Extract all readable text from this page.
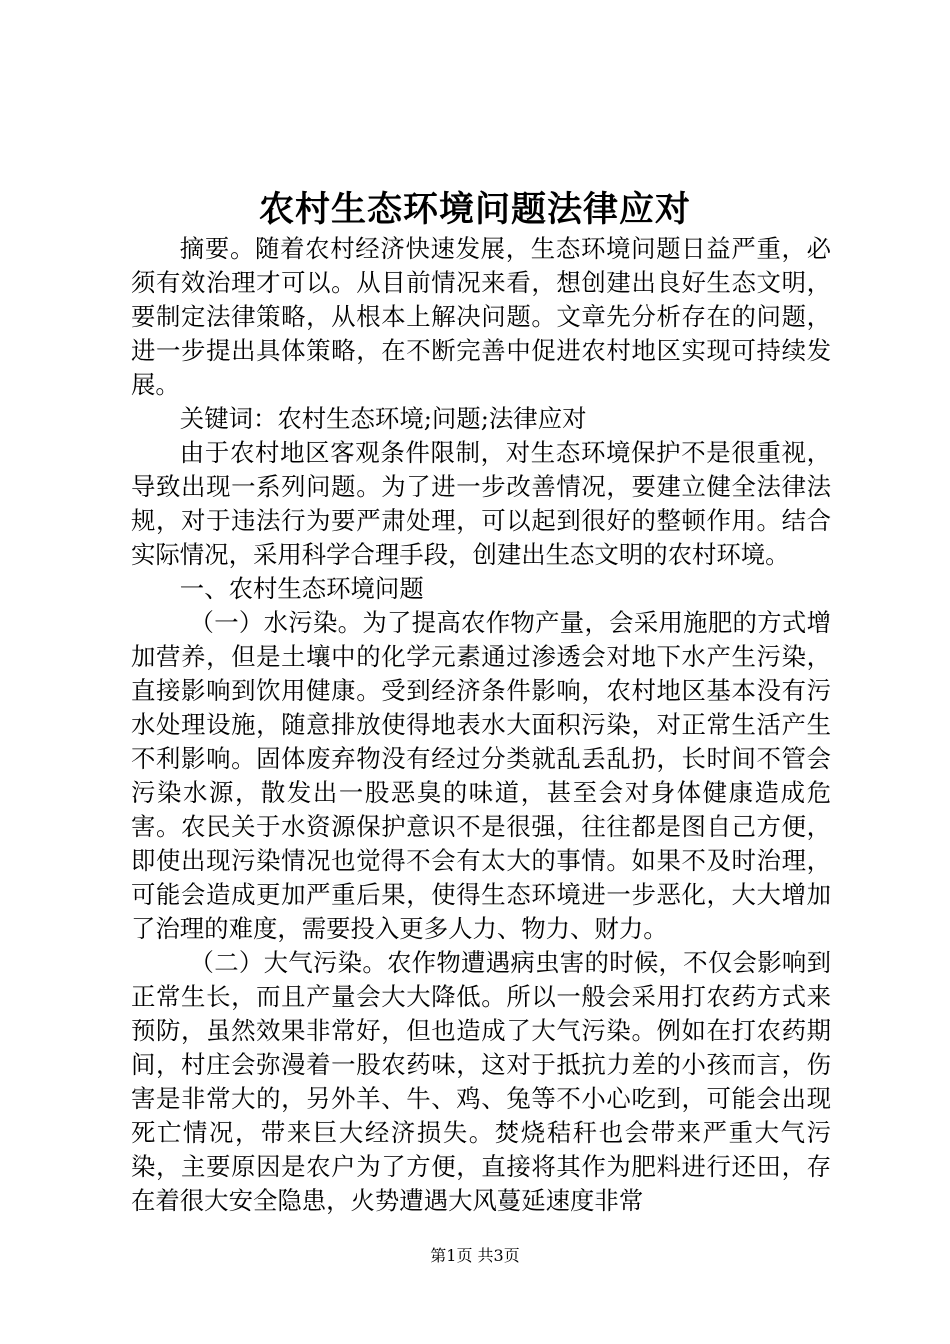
农村生态环境问题法律应对

摘要。随着农村经济快速发展，生态环境问题日益严重，必须有效治理才可以。从目前情况来看，想创建出良好生态文明，要制定法律策略，从根本上解决问题。文章先分析存在的问题，进一步提出具体策略，在不断完善中促进农村地区实现可持续发展。

关键词：农村生态环境;问题;法律应对

由于农村地区客观条件限制，对生态环境保护不是很重视，导致出现一系列问题。为了进一步改善情况，要建立健全法律法规，对于违法行为要严肃处理，可以起到很好的整顿作用。结合实际情况，采用科学合理手段，创建出生态文明的农村环境。

一、农村生态环境问题

（一）水污染。为了提高农作物产量，会采用施肥的方式增加营养，但是土壤中的化学元素通过渗透会对地下水产生污染，直接影响到饮用健康。受到经济条件影响，农村地区基本没有污水处理设施，随意排放使得地表水大面积污染，对正常生活产生不利影响。固体废弃物没有经过分类就乱丢乱扔，长时间不管会污染水源，散发出一股恶臭的味道，甚至会对身体健康造成危害。农民关于水资源保护意识不是很强，往往都是图自己方便，即使出现污染情况也觉得不会有太大的事情。如果不及时治理，可能会造成更加严重后果，使得生态环境进一步恶化，大大增加了治理的难度，需要投入更多人力、物力、财力。

（二）大气污染。农作物遭遇病虫害的时候，不仅会影响到正常生长，而且产量会大大降低。所以一般会采用打农药方式来预防，虽然效果非常好，但也造成了大气污染。例如在打农药期间，村庄会弥漫着一股农药味，这对于抵抗力差的小孩而言，伤害是非常大的，另外羊、牛、鸡、兔等不小心吃到，可能会出现死亡情况，带来巨大经济损失。焚烧秸秆也会带来严重大气污染，主要原因是农户为了方便，直接将其作为肥料进行还田，存在着很大安全隐患，火势遭遇大风蔓延速度非常

第1页 共3页
